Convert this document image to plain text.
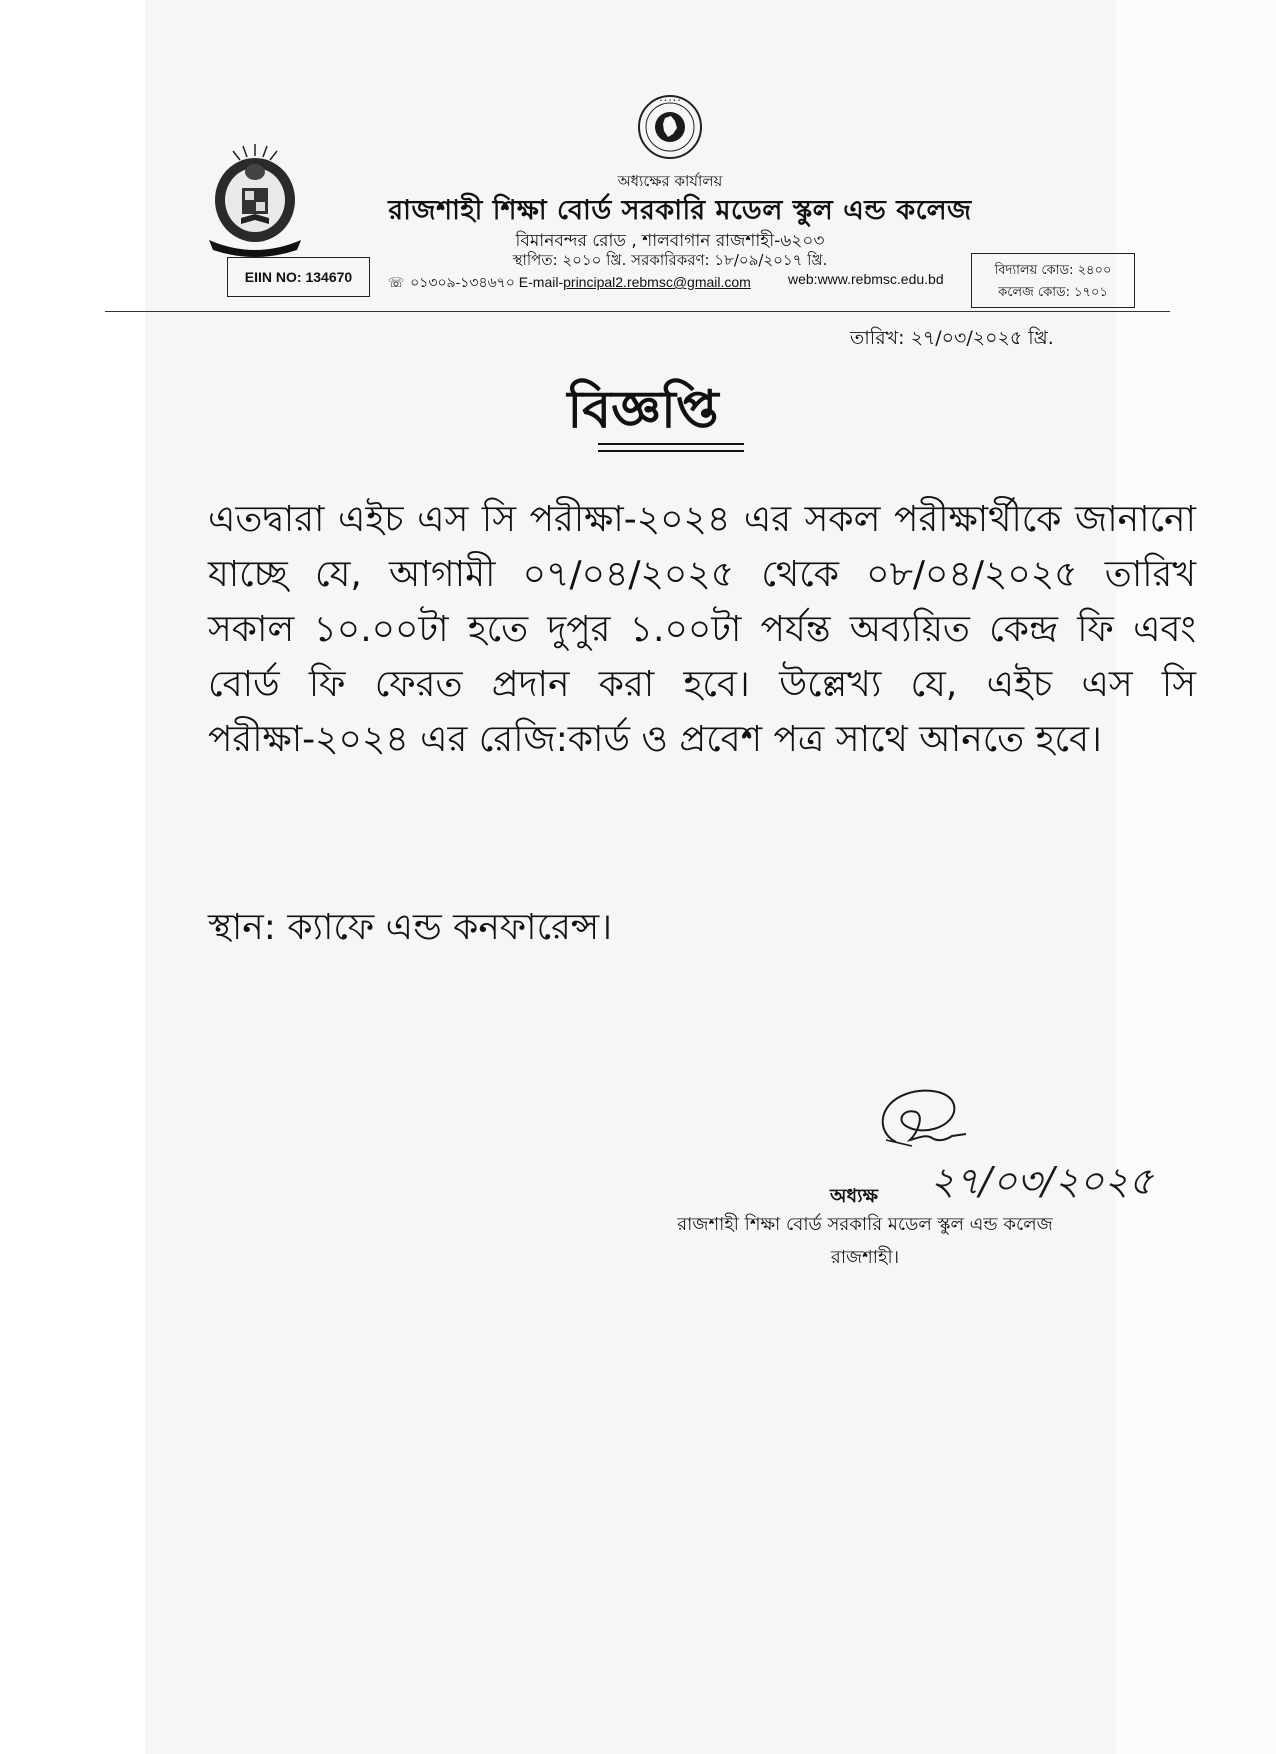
• • • • •
অধ্যক্ষের কার্যালয়
রাজশাহী শিক্ষা বোর্ড সরকারি মডেল স্কুল এন্ড কলেজ
বিমানবন্দর রোড , শালবাগান রাজশাহী-৬২০৩
স্থাপিত: ২০১০ খ্রি. সরকারিকরণ: ১৮/০৯/২০১৭ খ্রি.
EIIN NO: 134670	☏ ০১৩০৯-১৩৪৬৭০ E-mail-principal2.rebmsc@gmail.com	web:www.rebmsc.edu.bd
বিদ্যালয় কোড: ২৪০০
কলেজ কোড: ১৭০১
তারিখ: ২৭/০৩/২০২৫ খ্রি.
বিজ্ঞপ্তি
এতদ্বারা এইচ এস সি পরীক্ষা-২০২৪ এর সকল পরীক্ষার্থীকে জানানো যাচ্ছে যে, আগামী ০৭/০৪/২০২৫ থেকে ০৮/০৪/২০২৫ তারিখ সকাল ১০.০০টা হতে দুপুর ১.০০টা পর্যন্ত অব্যয়িত কেন্দ্র ফি এবং বোর্ড ফি ফেরত প্রদান করা হবে। উল্লেখ্য যে, এইচ এস সি পরীক্ষা-২০২৪ এর রেজি:কার্ড ও প্রবেশ পত্র সাথে আনতে হবে।
স্থান: ক্যাফে এন্ড কনফারেন্স।
২৭/০৩/২০২৫
অধ্যক্ষ
রাজশাহী শিক্ষা বোর্ড সরকারি মডেল স্কুল এন্ড কলেজ
রাজশাহী।
